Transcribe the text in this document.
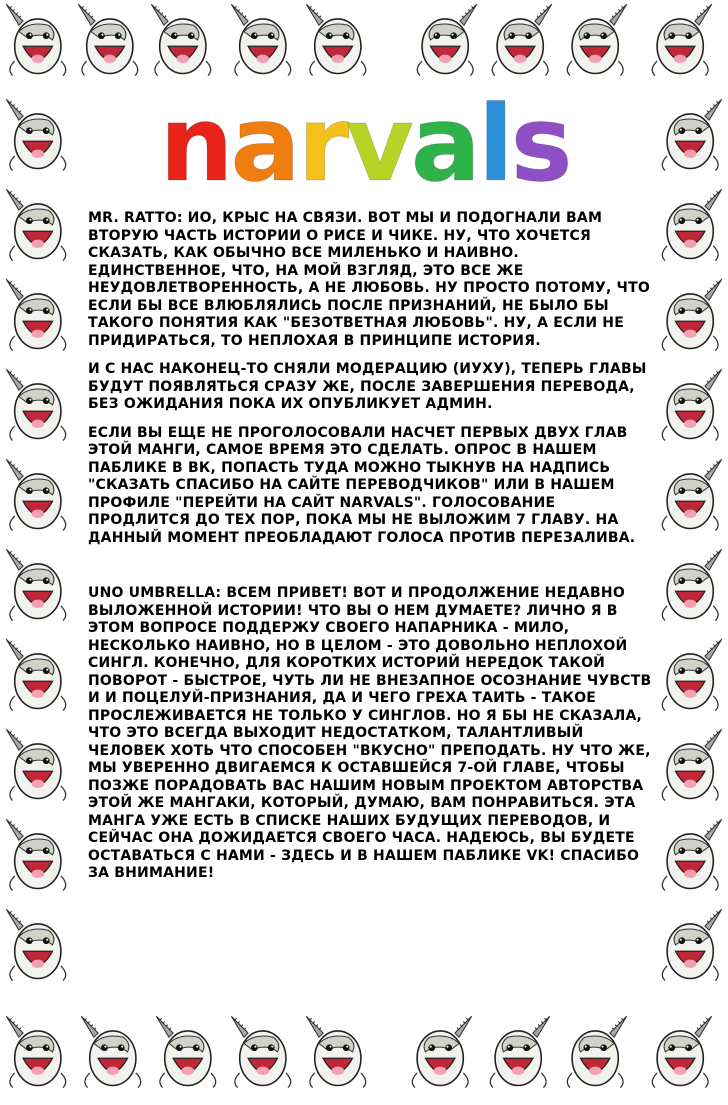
n a r v a l s

MR. RATTO: ИО, КРЫС НА СВЯЗИ. ВОТ МЫ И ПОДОГНАЛИ ВАМ ВТОРУЮ ЧАСТЬ ИСТОРИИ О РИСЕ И ЧИКЕ. НУ, ЧТО ХОЧЕТСЯ СКАЗАТЬ, КАК ОБЫЧНО ВСЕ МИЛЕНЬКО И НАИВНО. ЕДИНСТВЕННОЕ, ЧТО, НА МОЙ ВЗГЛЯД, ЭТО ВСЕ ЖЕ НЕУДОВЛЕТВОРЕННОСТЬ, А НЕ ЛЮБОВЬ. НУ ПРОСТО ПОТОМУ, ЧТО ЕСЛИ БЫ ВСЕ ВЛЮБЛЯЛИСЬ ПОСЛЕ ПРИЗНАНИЙ, НЕ БЫЛО БЫ ТАКОГО ПОНЯТИЯ КАК "БЕЗОТВЕТНАЯ ЛЮБОВЬ". НУ, А ЕСЛИ НЕ ПРИДИРАТЬСЯ, ТО НЕПЛОХАЯ В ПРИНЦИПЕ ИСТОРИЯ.

И С НАС НАКОНЕЦ-ТО СНЯЛИ МОДЕРАЦИЮ (ИУХУ), ТЕПЕРЬ ГЛАВЫ БУДУТ ПОЯВЛЯТЬСЯ СРАЗУ ЖЕ, ПОСЛЕ ЗАВЕРШЕНИЯ ПЕРЕВОДА, БЕЗ ОЖИДАНИЯ ПОКА ИХ ОПУБЛИКУЕТ АДМИН.

ЕСЛИ ВЫ ЕЩЕ НЕ ПРОГОЛОСОВАЛИ НАСЧЕТ ПЕРВЫХ ДВУХ ГЛАВ ЭТОЙ МАНГИ, САМОЕ ВРЕМЯ ЭТО СДЕЛАТЬ. ОПРОС В НАШЕМ ПАБЛИКЕ В ВК, ПОПАСТЬ ТУДА МОЖНО ТЫКНУВ НА НАДПИСЬ "СКАЗАТЬ СПАСИБО НА САЙТЕ ПЕРЕВОДЧИКОВ" ИЛИ В НАШЕМ ПРОФИЛЕ "ПЕРЕЙТИ НА САЙТ NARVALS". ГОЛОСОВАНИЕ ПРОДЛИТСЯ ДО ТЕХ ПОР, ПОКА МЫ НЕ ВЫЛОЖИМ 7 ГЛАВУ. НА ДАННЫЙ МОМЕНТ ПРЕОБЛАДАЮТ ГОЛОСА ПРОТИВ ПЕРЕЗАЛИВА.

UNO UMBRELLA: ВСЕМ ПРИВЕТ! ВОТ И ПРОДОЛЖЕНИЕ НЕДАВНО ВЫЛОЖЕННОЙ ИСТОРИИ! ЧТО ВЫ О НЕМ ДУМАЕТЕ? ЛИЧНО Я В ЭТОМ ВОПРОСЕ ПОДДЕРЖУ СВОЕГО НАПАРНИКА - МИЛО, НЕСКОЛЬКО НАИВНО, НО В ЦЕЛОМ - ЭТО ДОВОЛЬНО НЕПЛОХОЙ СИНГЛ. КОНЕЧНО, ДЛЯ КОРОТКИХ ИСТОРИЙ НЕРЕДОК ТАКОЙ ПОВОРОТ - БЫСТРОЕ, ЧУТЬ ЛИ НЕ ВНЕЗАПНОЕ ОСОЗНАНИЕ ЧУВСТВ И И ПОЦЕЛУЙ-ПРИЗНАНИЯ, ДА И ЧЕГО ГРЕХА ТАИТЬ - ТАКОЕ ПРОСЛЕЖИВАЕТСЯ НЕ ТОЛЬКО У СИНГЛОВ. НО Я БЫ НЕ СКАЗАЛА, ЧТО ЭТО ВСЕГДА ВЫХОДИТ НЕДОСТАТКОМ, ТАЛАНТЛИВЫЙ ЧЕЛОВЕК ХОТЬ ЧТО СПОСОБЕН "ВКУСНО" ПРЕПОДАТЬ. НУ ЧТО ЖЕ, МЫ УВЕРЕННО ДВИГАЕМСЯ К ОСТАВШЕЙСЯ 7-ОЙ ГЛАВЕ, ЧТОБЫ ПОЗЖЕ ПОРАДОВАТЬ ВАС НАШИМ НОВЫМ ПРОЕКТОМ АВТОРСТВА ЭТОЙ ЖЕ МАНГАКИ, КОТОРЫЙ, ДУМАЮ, ВАМ ПОНРАВИТЬСЯ. ЭТА МАНГА УЖЕ ЕСТЬ В СПИСКЕ НАШИХ БУДУЩИХ ПЕРЕВОДОВ, И СЕЙЧАС ОНА ДОЖИДАЕТСЯ СВОЕГО ЧАСА. НАДЕЮСЬ, ВЫ БУДЕТЕ ОСТАВАТЬСЯ С НАМИ - ЗДЕСЬ И В НАШЕМ ПАБЛИКЕ VK! СПАСИБО ЗА ВНИМАНИЕ!
